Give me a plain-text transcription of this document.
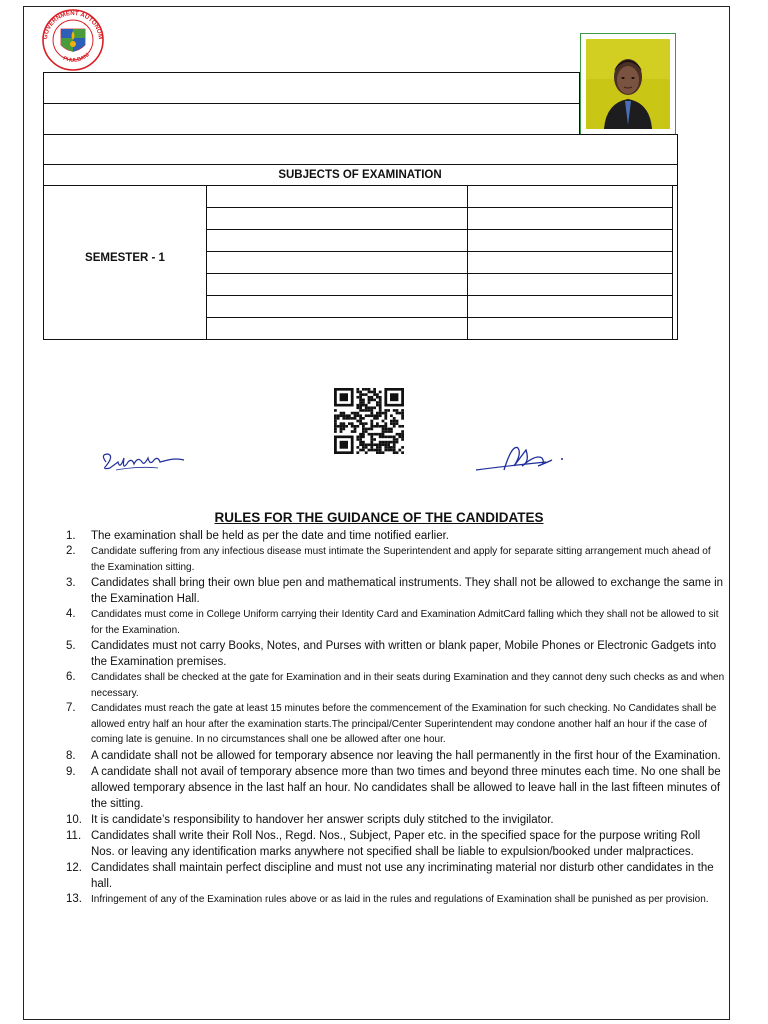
GOVERNMENT AUTONOM
PHULBANI
SUBJECTS OF EXAMINATION
SEMESTER - 1
RULES FOR THE GUIDANCE OF THE CANDIDATES
1. The examination shall be held as per the date and time notified earlier.
2. Candidate suffering from any infectious disease must intimate the Superintendent and apply for separate sitting arrangement much ahead of the Examination sitting.
3. Candidates shall bring their own blue pen and mathematical instruments. They shall not be allowed to exchange the same in the Examination Hall.
4. Candidates must come in College Uniform carrying their Identity Card and Examination AdmitCard falling which they shall not be allowed to sit for the Examination.
5. Candidates must not carry Books, Notes, and Purses with written or blank paper, Mobile Phones or Electronic Gadgets into the Examination premises.
6. Candidates shall be checked at the gate for Examination and in their seats during Examination and they cannot deny such checks as and when necessary.
7. Candidates must reach the gate at least 15 minutes before the commencement of the Examination for such checking. No Candidates shall be allowed entry half an hour after the examination starts.The principal/Center Superintendent may condone another half an hour if the case of coming late is genuine. In no circumstances shall one be allowed after one hour.
8. A candidate shall not be allowed for temporary absence nor leaving the hall permanently in the first hour of the Examination.
9. A candidate shall not avail of temporary absence more than two times and beyond three minutes each time. No one shall be allowed temporary absence in the last half an hour. No candidates shall be allowed to leave hall in the last fifteen minutes of the sitting.
10. It is candidate’s responsibility to handover her answer scripts duly stitched to the invigilator.
11. Candidates shall write their Roll Nos., Regd. Nos., Subject, Paper etc. in the specified space for the purpose writing Roll Nos. or leaving any identification marks anywhere not specified shall be liable to expulsion/booked under malpractices.
12. Candidates shall maintain perfect discipline and must not use any incriminating material nor disturb other candidates in the hall.
13. Infringement of any of the Examination rules above or as laid in the rules and regulations of Examination shall be punished as per provision.
